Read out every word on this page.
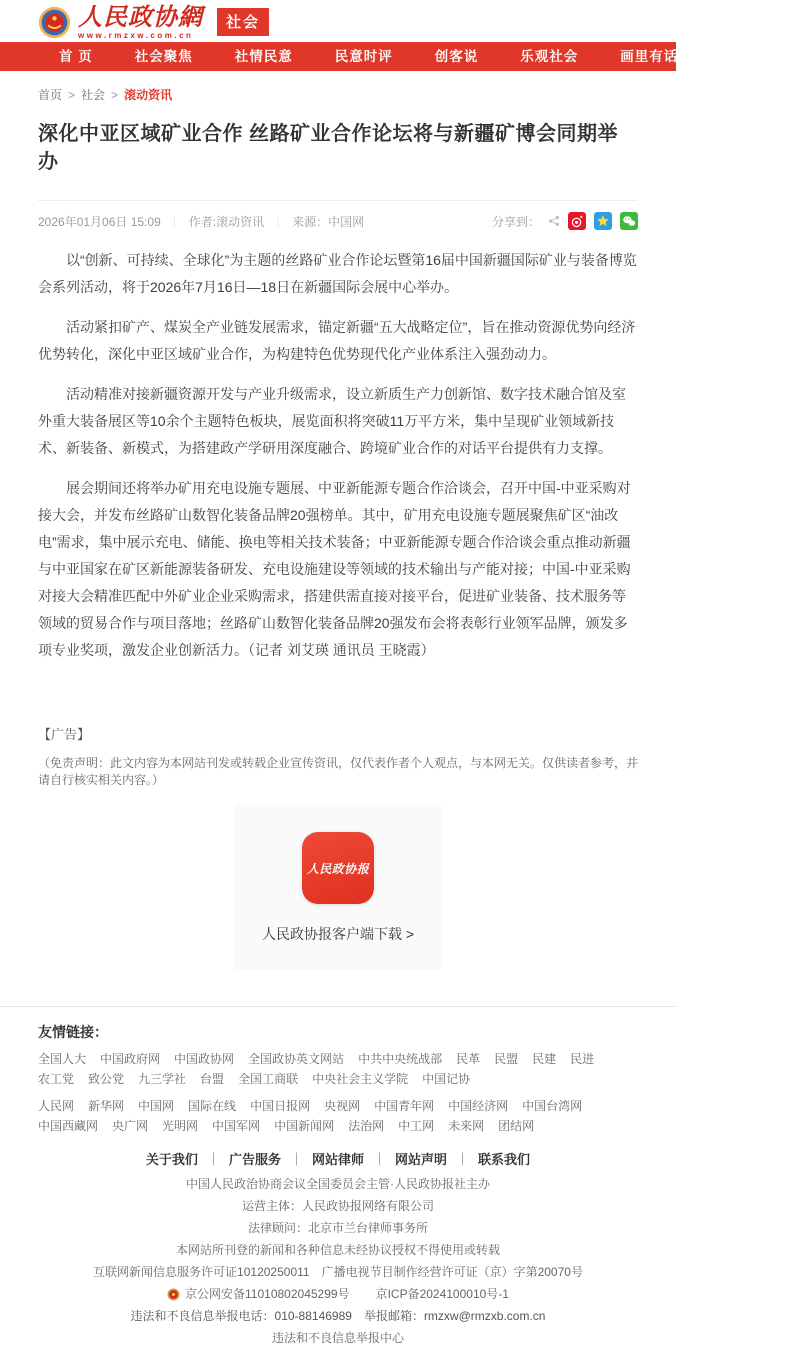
人民政协網
www.rmzxw.com.cn
社会
首 页	社会聚焦	社情民意	民意时评	创客说	乐观社会	画里有话	滚动资讯
首页 > 社会 > 滚动资讯
深化中亚区域矿业合作 丝路矿业合作论坛将与新疆矿博会同期举办
2026年01月06日 15:09 ｜ 作者:滚动资讯 ｜ 来源：中国网	分享到：

以“创新、可持续、全球化”为主题的丝路矿业合作论坛暨第16届中国新疆国际矿业与装备博览会系列活动，将于2026年7月16日—18日在新疆国际会展中心举办。

活动紧扣矿产、煤炭全产业链发展需求，锚定新疆“五大战略定位”，旨在推动资源优势向经济优势转化，深化中亚区域矿业合作，为构建特色优势现代化产业体系注入强劲动力。

活动精准对接新疆资源开发与产业升级需求，设立新质生产力创新馆、数字技术融合馆及室外重大装备展区等10余个主题特色板块，展览面积将突破11万平方米，集中呈现矿业领域新技术、新装备、新模式，为搭建政产学研用深度融合、跨境矿业合作的对话平台提供有力支撑。

展会期间还将举办矿用充电设施专题展、中亚新能源专题合作洽谈会，召开中国-中亚采购对接大会，并发布丝路矿山数智化装备品牌20强榜单。其中，矿用充电设施专题展聚焦矿区“油改电”需求，集中展示充电、储能、换电等相关技术装备；中亚新能源专题合作洽谈会重点推动新疆与中亚国家在矿区新能源装备研发、充电设施建设等领域的技术输出与产能对接；中国-中亚采购对接大会精准匹配中外矿业企业采购需求，搭建供需直接对接平台，促进矿业装备、技术服务等领域的贸易合作与项目落地；丝路矿山数智化装备品牌20强发布会将表彰行业领军品牌，颁发多项专业奖项，激发企业创新活力。（记者 刘艾瑛 通讯员 王晓霞）

【广告】
（免责声明：此文内容为本网站刊发或转载企业宣传资讯，仅代表作者个人观点，与本网无关。仅供读者参考，并请自行核实相关内容。）
人民政协报
人民政协报客户端下载 >
友情链接：
全国人大 中国政府网 中国政协网 全国政协英文网站 中共中央统战部 民革 民盟 民建 民进农工党 致公党 九三学社 台盟 全国工商联 中央社会主义学院 中国记协
人民网 新华网 中国网 国际在线 中国日报网 央视网 中国青年网 中国经济网 中国台湾网中国西藏网 央广网 光明网 中国军网 中国新闻网 法治网 中工网 未来网 团结网
关于我们 ｜ 广告服务 ｜ 网站律师 ｜ 网站声明 ｜ 联系我们
中国人民政治协商会议全国委员会主管·人民政协报社主办
运营主体：人民政协报网络有限公司
法律顾问：北京市兰台律师事务所
本网站所刊登的新闻和各种信息未经协议授权不得使用或转载
互联网新闻信息服务许可证10120250011　广播电视节目制作经营许可证（京）字第20070号
京公网安备11010802045299号 京ICP备2024100010号-1
违法和不良信息举报电话：010-88146989　举报邮箱：rmzxw@rmzxb.com.cn
违法和不良信息举报中心
